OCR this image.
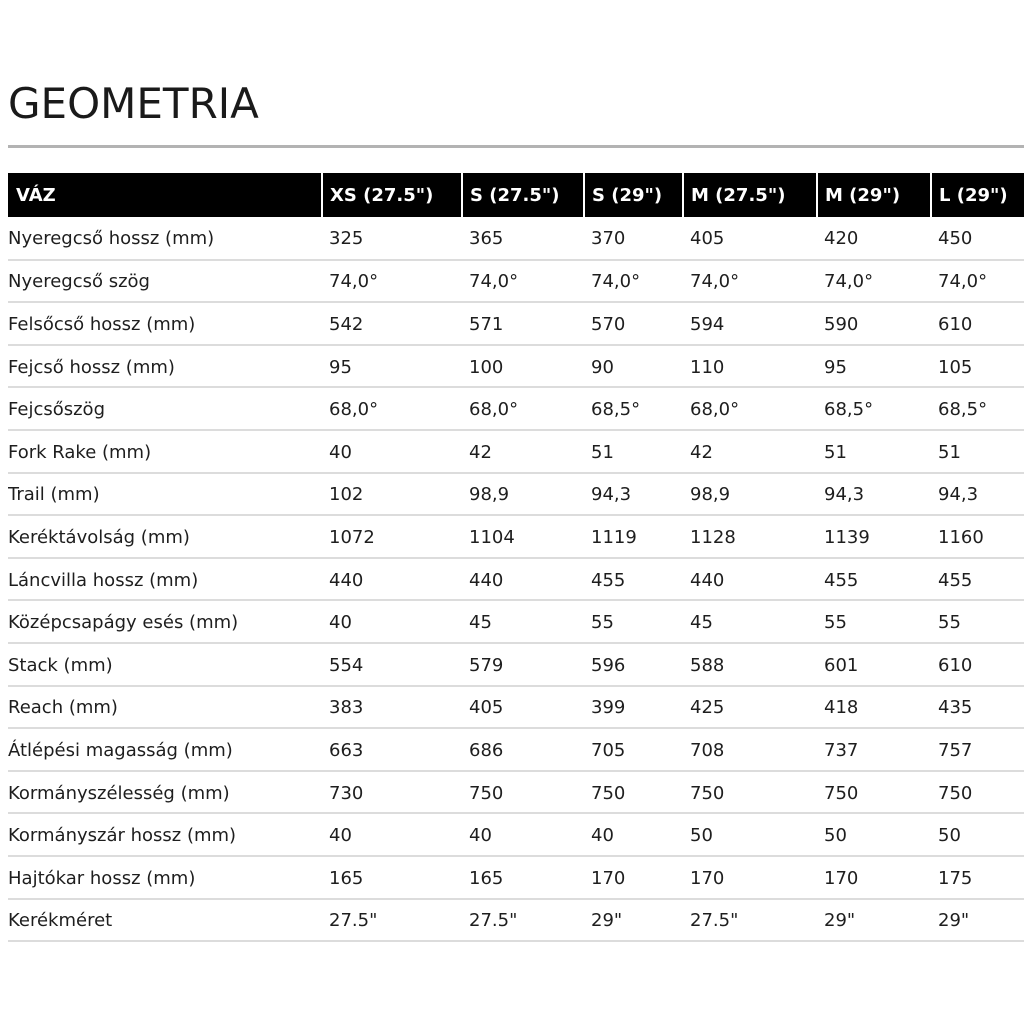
GEOMETRIA
VÁZ	XS (27.5")	S (27.5")	S (29")	M (27.5")	M (29")	L (29")
Nyeregcső hossz (mm)	325	365	370	405	420	450
Nyeregcső szög	74,0°	74,0°	74,0°	74,0°	74,0°	74,0°
Felsőcső hossz (mm)	542	571	570	594	590	610
Fejcső hossz (mm)	95	100	90	110	95	105
Fejcsőszög	68,0°	68,0°	68,5°	68,0°	68,5°	68,5°
Fork Rake (mm)	40	42	51	42	51	51
Trail (mm)	102	98,9	94,3	98,9	94,3	94,3
Keréktávolság (mm)	1072	1104	1119	1128	1139	1160
Láncvilla hossz (mm)	440	440	455	440	455	455
Középcsapágy esés (mm)	40	45	55	45	55	55
Stack (mm)	554	579	596	588	601	610
Reach (mm)	383	405	399	425	418	435
Átlépési magasság (mm)	663	686	705	708	737	757
Kormányszélesség (mm)	730	750	750	750	750	750
Kormányszár hossz (mm)	40	40	40	50	50	50
Hajtókar hossz (mm)	165	165	170	170	170	175
Kerékméret	27.5"	27.5"	29"	27.5"	29"	29"
